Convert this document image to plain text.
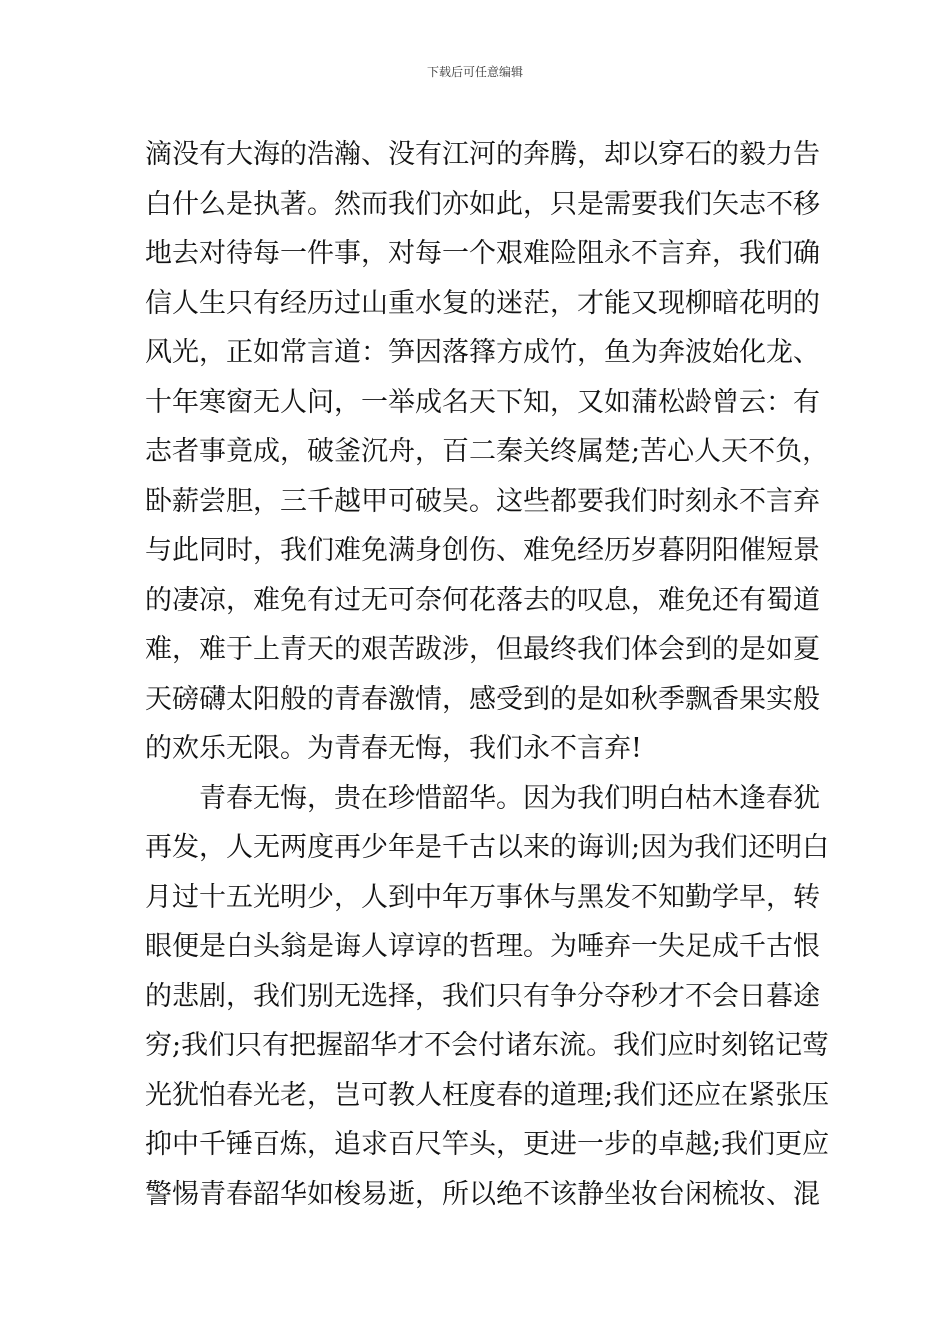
下载后可任意编辑
滴没有大海的浩瀚、没有江河的奔腾，却以穿石的毅力告
白什么是执著。然而我们亦如此，只是需要我们矢志不移
地去对待每一件事，对每一个艰难险阻永不言弃，我们确
信人生只有经历过山重水复的迷茫，才能又现柳暗花明的
风光，正如常言道：笋因落箨方成竹，鱼为奔波始化龙、
十年寒窗无人问，一举成名天下知，又如蒲松龄曾云：有
志者事竟成，破釜沉舟，百二秦关终属楚;苦心人天不负，
卧薪尝胆，三千越甲可破吴。这些都要我们时刻永不言弃
与此同时，我们难免满身创伤、难免经历岁暮阴阳催短景
的凄凉，难免有过无可奈何花落去的叹息，难免还有蜀道
难，难于上青天的艰苦跋涉，但最终我们体会到的是如夏
天磅礴太阳般的青春激情，感受到的是如秋季飘香果实般
的欢乐无限。为青春无悔，我们永不言弃!
　　青春无悔，贵在珍惜韶华。因为我们明白枯木逢春犹
再发，人无两度再少年是千古以来的诲训;因为我们还明白
月过十五光明少，人到中年万事休与黑发不知勤学早，转
眼便是白头翁是诲人谆谆的哲理。为唾弃一失足成千古恨
的悲剧，我们别无选择，我们只有争分夺秒才不会日暮途
穷;我们只有把握韶华才不会付诸东流。我们应时刻铭记莺
光犹怕春光老，岂可教人枉度春的道理;我们还应在紧张压
抑中千锤百炼，追求百尺竿头，更进一步的卓越;我们更应
警惕青春韶华如梭易逝，所以绝不该静坐妆台闲梳妆、混
